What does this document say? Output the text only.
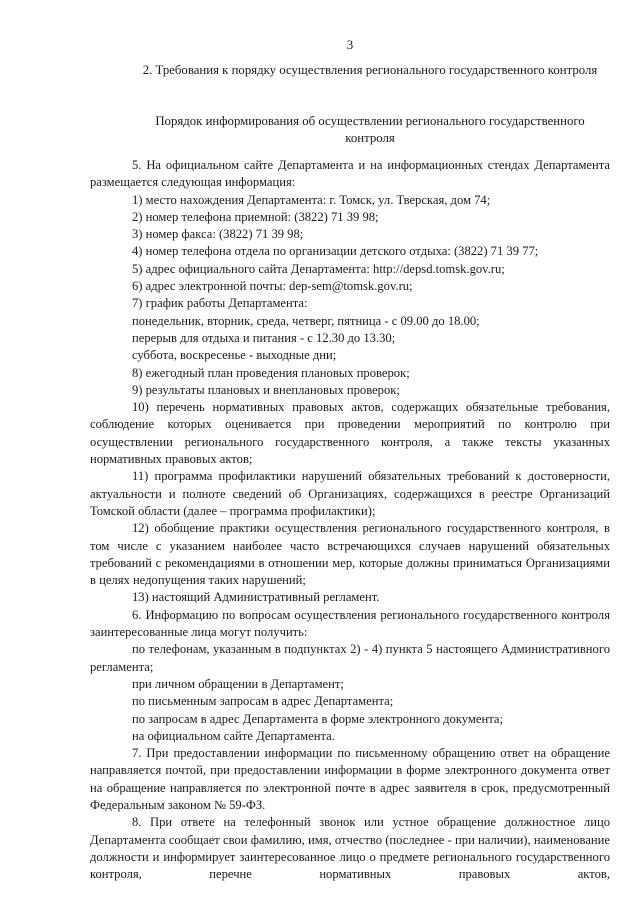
3
2. Требования к порядку осуществления регионального государственного контроля
Порядок информирования об осуществлении регионального государственного контроля

5. На официальном сайте Департамента и на информационных стендах Департамента размещается следующая информация:

1) место нахождения Департамента: г. Томск, ул. Тверская, дом 74;

2) номер телефона приемной: (3822) 71 39 98;

3) номер факса: (3822) 71 39 98;

4) номер телефона отдела по организации детского отдыха: (3822) 71 39 77;

5) адрес официального сайта Департамента: http://depsd.tomsk.gov.ru;

6) адрес электронной почты: dep-sem@tomsk.gov.ru;

7) график работы Департамента:

понедельник, вторник, среда, четверг, пятница - с 09.00 до 18.00;

перерыв для отдыха и питания - с 12.30 до 13.30;

суббота, воскресенье - выходные дни;

8) ежегодный план проведения плановых проверок;

9) результаты плановых и внеплановых проверок;

10) перечень нормативных правовых актов, содержащих обязательные требования, соблюдение которых оценивается при проведении мероприятий по контролю при осуществлении регионального государственного контроля, а также тексты указанных нормативных правовых актов;

11) программа профилактики нарушений обязательных требований к достоверности, актуальности и полноте сведений об Организациях, содержащихся в реестре Организаций Томской области (далее – программа профилактики);

12) обобщение практики осуществления регионального государственного контроля, в том числе с указанием наиболее часто встречающихся случаев нарушений обязательных требований с рекомендациями в отношении мер, которые должны приниматься Организациями в целях недопущения таких нарушений;

13) настоящий Административный регламент.

6. Информацию по вопросам осуществления регионального государственного контроля заинтересованные лица могут получить:

по телефонам, указанным в подпунктах 2) - 4) пункта 5 настоящего Административного регламента;

при личном обращении в Департамент;

по письменным запросам в адрес Департамента;

по запросам в адрес Департамента в форме электронного документа;

на официальном сайте Департамента.

7. При предоставлении информации по письменному обращению ответ на обращение направляется почтой, при предоставлении информации в форме электронного документа ответ на обращение направляется по электронной почте в адрес заявителя в срок, предусмотренный Федеральным законом № 59-ФЗ.

8. При ответе на телефонный звонок или устное обращение должностное лицо Департамента сообщает свои фамилию, имя, отчество (последнее - при наличии), наименование должности и информирует заинтересованное лицо о предмете регионального государственного контроля, перечне нормативных правовых актов,
